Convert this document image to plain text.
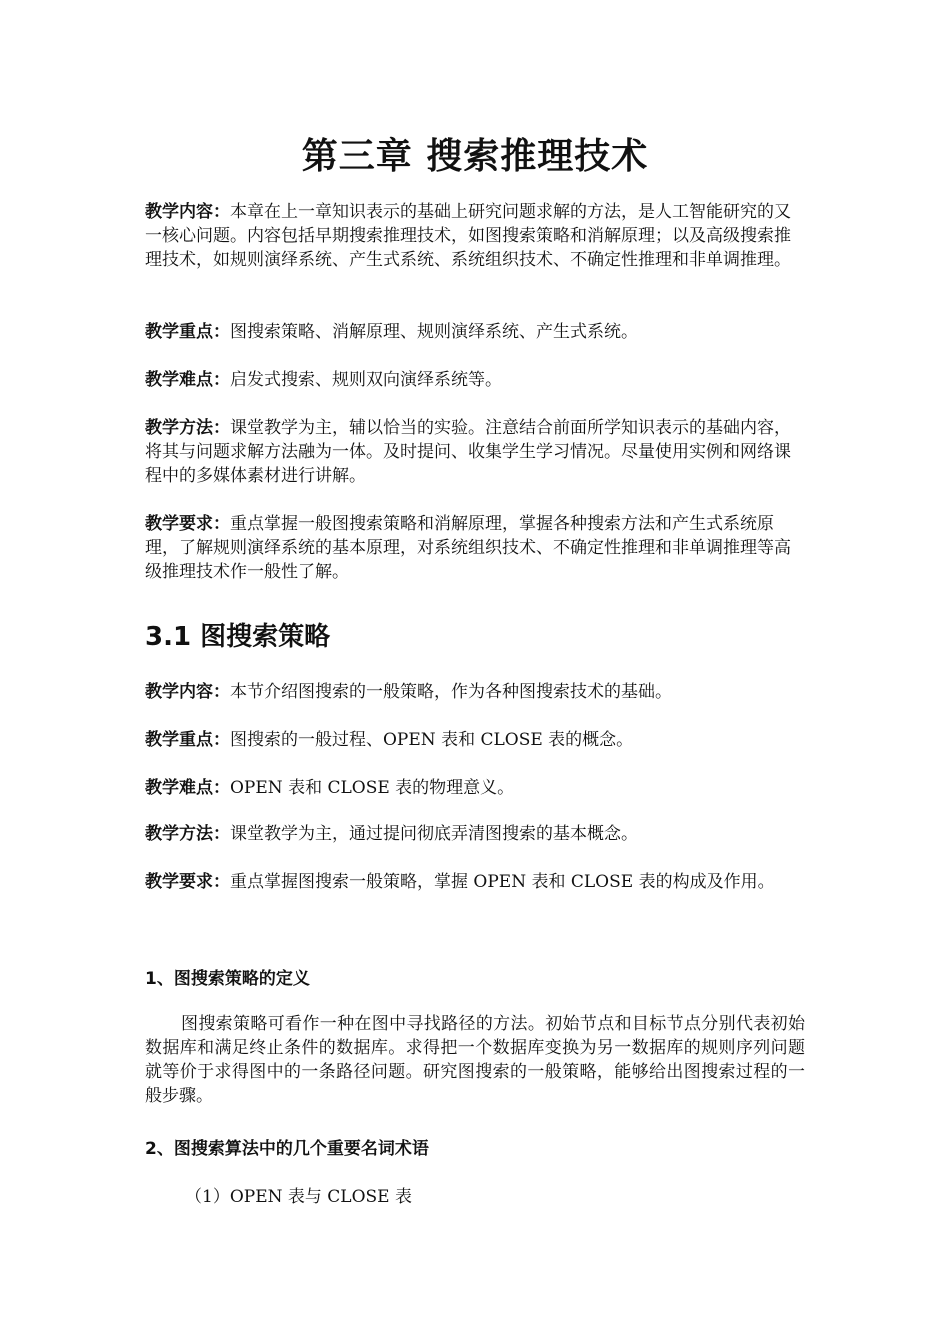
第三章 搜索推理技术

教学内容：本章在上一章知识表示的基础上研究问题求解的方法，是人工智能研究的又一核心问题。内容包括早期搜索推理技术，如图搜索策略和消解原理；以及高级搜索推理技术，如规则演绎系统、产生式系统、系统组织技术、不确定性推理和非单调推理。

教学重点：图搜索策略、消解原理、规则演绎系统、产生式系统。

教学难点：启发式搜索、规则双向演绎系统等。

教学方法：课堂教学为主，辅以恰当的实验。注意结合前面所学知识表示的基础内容，将其与问题求解方法融为一体。及时提问、收集学生学习情况。尽量使用实例和网络课程中的多媒体素材进行讲解。

教学要求：重点掌握一般图搜索策略和消解原理，掌握各种搜索方法和产生式系统原理，了解规则演绎系统的基本原理，对系统组织技术、不确定性推理和非单调推理等高级推理技术作一般性了解。

3.1 图搜索策略

教学内容：本节介绍图搜索的一般策略，作为各种图搜索技术的基础。

教学重点：图搜索的一般过程、OPEN 表和 CLOSE 表的概念。

教学难点：OPEN 表和 CLOSE 表的物理意义。

教学方法：课堂教学为主，通过提问彻底弄清图搜索的基本概念。

教学要求：重点掌握图搜索一般策略，掌握 OPEN 表和 CLOSE 表的构成及作用。

1、图搜索策略的定义

图搜索策略可看作一种在图中寻找路径的方法。初始节点和目标节点分别代表初始数据库和满足终止条件的数据库。求得把一个数据库变换为另一数据库的规则序列问题就等价于求得图中的一条路径问题。研究图搜索的一般策略，能够给出图搜索过程的一般步骤。

2、图搜索算法中的几个重要名词术语

（1）OPEN 表与 CLOSE 表
